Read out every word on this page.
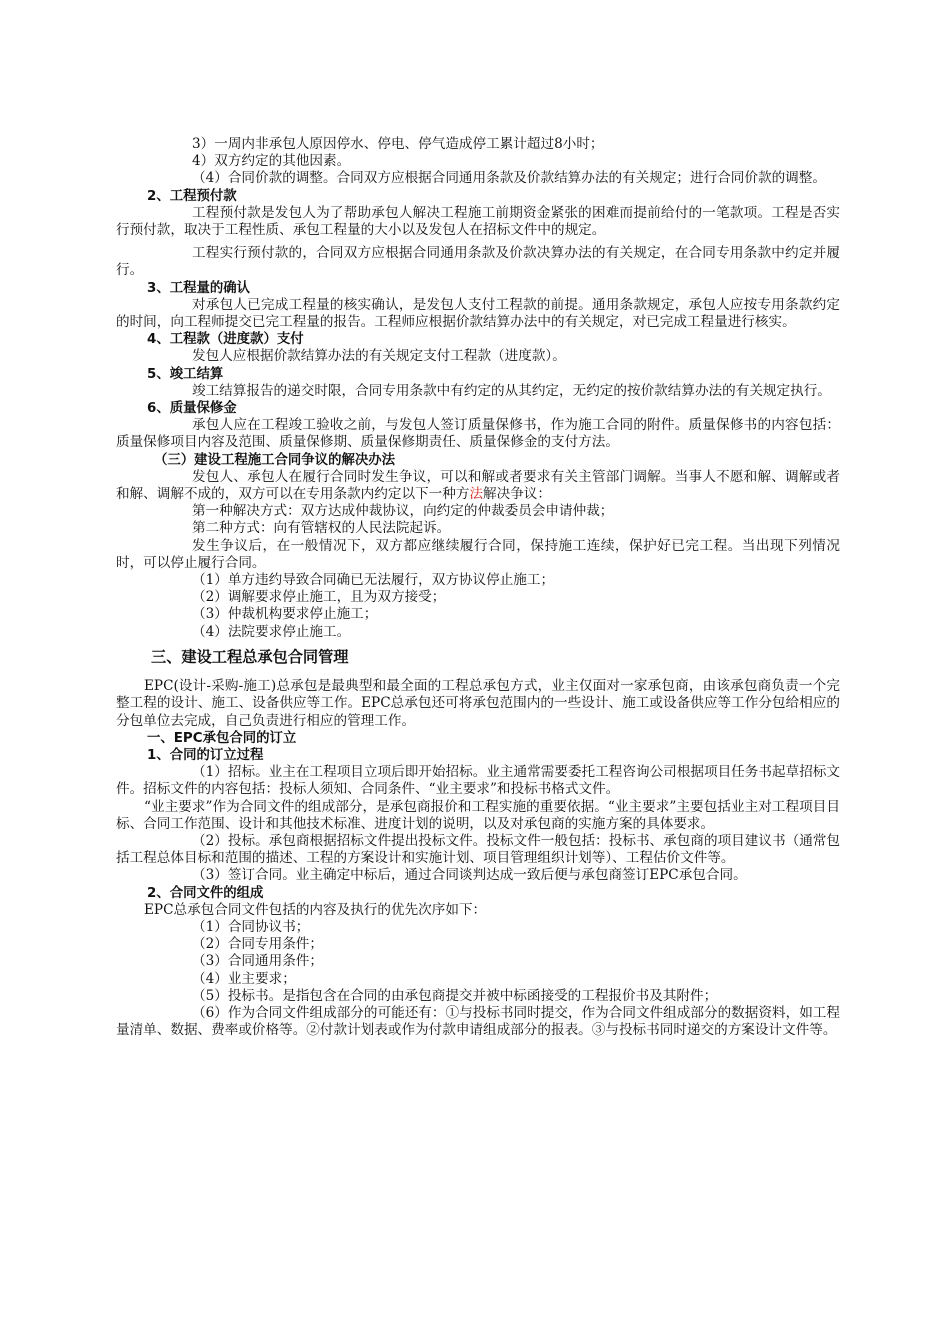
3）一周内非承包人原因停水、停电、停气造成停工累计超过8小时；
4）双方约定的其他因素。
（4）合同价款的调整。合同双方应根据合同通用条款及价款结算办法的有关规定；进行合同价款的调整。
2、工程预付款
工程预付款是发包人为了帮助承包人解决工程施工前期资金紧张的困难而提前给付的一笔款项。工程是否实行预付款，取决于工程性质、承包工程量的大小以及发包人在招标文件中的规定。
工程实行预付款的，合同双方应根据合同通用条款及价款决算办法的有关规定，在合同专用条款中约定并履行。
3、工程量的确认
对承包人已完成工程量的核实确认，是发包人支付工程款的前提。通用条款规定，承包人应按专用条款约定的时间，向工程师提交已完工程量的报告。工程师应根据价款结算办法中的有关规定，对已完成工程量进行核实。
4、工程款（进度款）支付
发包人应根据价款结算办法的有关规定支付工程款（进度款）。
5、竣工结算
竣工结算报告的递交时限，合同专用条款中有约定的从其约定，无约定的按价款结算办法的有关规定执行。
6、质量保修金
承包人应在工程竣工验收之前，与发包人签订质量保修书，作为施工合同的附件。质量保修书的内容包括：质量保修项目内容及范围、质量保修期、质量保修期责任、质量保修金的支付方法。
（三）建设工程施工合同争议的解决办法
发包人、承包人在履行合同时发生争议，可以和解或者要求有关主管部门调解。当事人不愿和解、调解或者和解、调解不成的，双方可以在专用条款内约定以下一种方法解决争议：
第一种解决方式：双方达成仲裁协议，向约定的仲裁委员会申请仲裁；
第二种方式：向有管辖权的人民法院起诉。
发生争议后，在一般情况下，双方都应继续履行合同，保持施工连续，保护好已完工程。当出现下列情况时，可以停止履行合同。
（1）单方违约导致合同确已无法履行，双方协议停止施工；
（2）调解要求停止施工，且为双方接受；
（3）仲裁机构要求停止施工；
（4）法院要求停止施工。
三、建设工程总承包合同管理
EPC(设计-采购-施工)总承包是最典型和最全面的工程总承包方式，业主仅面对一家承包商，由该承包商负责一个完整工程的设计、施工、设备供应等工作。EPC总承包还可将承包范围内的一些设计、施工或设备供应等工作分包给相应的分包单位去完成，自己负责进行相应的管理工作。
一、EPC承包合同的订立
1、合同的订立过程
（1）招标。业主在工程项目立项后即开始招标。业主通常需要委托工程咨询公司根据项目任务书起草招标文件。招标文件的内容包括：投标人须知、合同条件、“业主要求”和投标书格式文件。
“业主要求”作为合同文件的组成部分，是承包商报价和工程实施的重要依据。“业主要求”主要包括业主对工程项目目标、合同工作范围、设计和其他技术标准、进度计划的说明，以及对承包商的实施方案的具体要求。
（2）投标。承包商根据招标文件提出投标文件。投标文件一般包括：投标书、承包商的项目建议书（通常包括工程总体目标和范围的描述、工程的方案设计和实施计划、项目管理组织计划等）、工程估价文件等。
（3）签订合同。业主确定中标后，通过合同谈判达成一致后便与承包商签订EPC承包合同。
2、合同文件的组成
EPC总承包合同文件包括的内容及执行的优先次序如下：
（1）合同协议书；
（2）合同专用条件；
（3）合同通用条件；
（4）业主要求；
（5）投标书。是指包含在合同的由承包商提交并被中标函接受的工程报价书及其附件；
（6）作为合同文件组成部分的可能还有：①与投标书同时提交，作为合同文件组成部分的数据资料，如工程量清单、数据、费率或价格等。②付款计划表或作为付款申请组成部分的报表。③与投标书同时递交的方案设计文件等。
